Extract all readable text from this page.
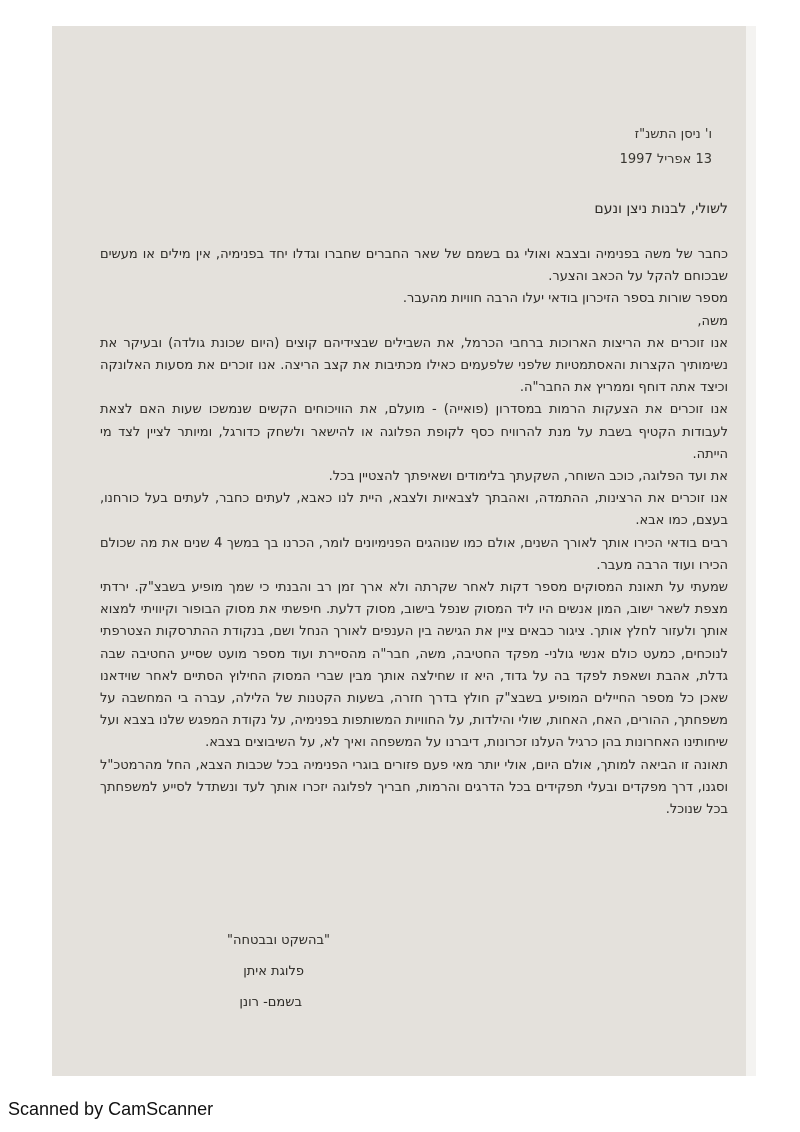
ו' ניסן התשנ"ז
13 אפריל 1997
לשולי, לבנות ניצן ונעם
כחבר של משה בפנימיה ובצבא ואולי גם בשמם של שאר החברים שחברו וגדלו יחד בפנימיה, אין מילים או מעשים שבכוחם להקל על הכאב והצער.
מספר שורות בספר הזיכרון בודאי יעלו הרבה חוויות מהעבר.
משה,
אנו זוכרים את הריצות הארוכות ברחבי הכרמל, את השבילים שבצידיהם קוצים (היום שכונת גולדה) ובעיקר את נשימותיך הקצרות והאסתמטיות שלפני שלפעמים כאילו מכתיבות את קצב הריצה. אנו זוכרים את מסעות האלונקה וכיצד אתה דוחף וממריץ את החבר"ה.
אנו זוכרים את הצעקות הרמות במסדרון (פואייה) - מועלם, את הוויכוחים הקשים שנמשכו שעות האם לצאת לעבודות הקטיף בשבת על מנת להרוויח כסף לקופת הפלוגה או להישאר ולשחק כדורגל, ומיותר לציין לצד מי הייתה.
את ועד הפלוגה, כוכב השוחר, השקעתך בלימודים ושאיפתך להצטיין בכל.
אנו זוכרים את הרצינות, ההתמדה, ואהבתך לצבאיות ולצבא, היית לנו כאבא, לעתים כחבר, לעתים בעל כורחנו, בעצם, כמו אבא.
רבים בודאי הכירו אותך לאורך השנים, אולם כמו שנוהגים הפנימיונים לומר, הכרנו בך במשך 4 שנים את מה שכולם הכירו ועוד הרבה מעבר.
שמעתי על תאונת המסוקים מספר דקות לאחר שקרתה ולא ארך זמן רב והבנתי כי שמך מופיע בשבצ"ק. ירדתי מצפת לשאר ישוב, המון אנשים היו ליד המסוק שנפל בישוב, מסוק דלעת. חיפשתי את מסוק הבופור וקיוויתי למצוא אותך ולעזור לחלץ אותך. ציגור כבאים ציין את הגישה בין הענפים לאורך הנחל ושם, בנקודת ההתרסקות הצטרפתי לנוכחים, כמעט כולם אנשי גולני- מפקד החטיבה, משה, חבר"ה מהסיירת ועוד מספר מועט שסייע החטיבה שבה גדלת, אהבת ושאפת לפקד בה על גדוד, היא זו שחילצה אותך מבין שברי המסוק החילוץ הסתיים לאחר שוידאנו שאכן כל מספר החיילים המופיע בשבצ"ק חולץ בדרך חזרה, בשעות הקטנות של הלילה, עברה בי המחשבה על משפחתך, ההורים, האח, האחות, שולי והילדות, על החוויות המשותפות בפנימיה, על נקודת המפגש שלנו בצבא ועל שיחותינו האחרונות בהן כרגיל העלנו זכרונות, דיברנו על המשפחה ואיך לא, על השיבוצים בצבא.
תאונה זו הביאה למותך, אולם היום, אולי יותר מאי פעם פזורים בוגרי הפנימיה בכל שכבות הצבא, החל מהרמטכ"ל וסגנו, דרך מפקדים ובעלי תפקידים בכל הדרגים והרמות, חבריך לפלוגה יזכרו אותך לעד ונשתדל לסייע למשפחתך בכל שנוכל.
"בהשקט ובבטחה"
פלוגת איתן
בשמם- רונן
Scanned by CamScanner
